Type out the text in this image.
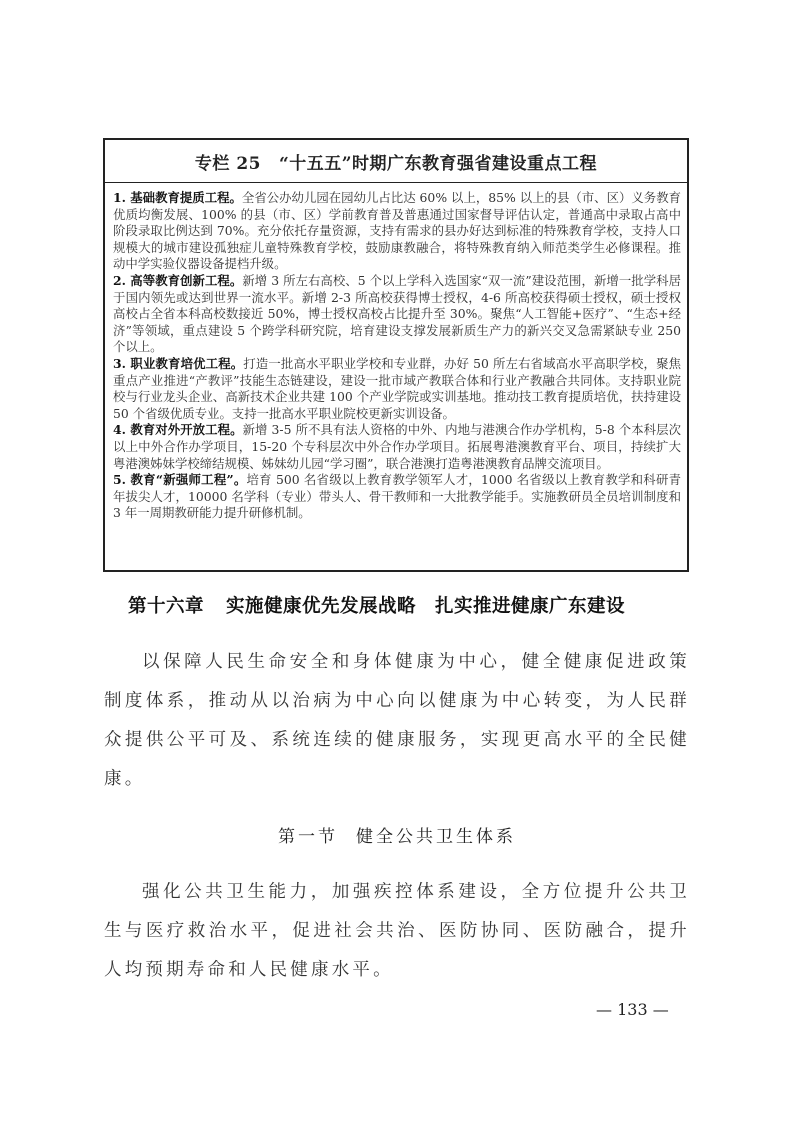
专栏 25 “十五五”时期广东教育强省建设重点工程

1. 基础教育提质工程。全省公办幼儿园在园幼儿占比达 60% 以上，85% 以上的县（市、区）义务教育优质均衡发展、100% 的县（市、区）学前教育普及普惠通过国家督导评估认定，普通高中录取占高中阶段录取比例达到 70%。充分依托存量资源，支持有需求的县办好达到标准的特殊教育学校，支持人口规模大的城市建设孤独症儿童特殊教育学校，鼓励康教融合，将特殊教育纳入师范类学生必修课程。推动中学实验仪器设备提档升级。

2. 高等教育创新工程。新增 3 所左右高校、5 个以上学科入选国家“双一流”建设范围，新增一批学科居于国内领先或达到世界一流水平。新增 2-3 所高校获得博士授权，4-6 所高校获得硕士授权，硕士授权高校占全省本科高校数接近 50%，博士授权高校占比提升至 30%。聚焦“人工智能+医疗”、“生态+经济”等领域，重点建设 5 个跨学科研究院，培育建设支撑发展新质生产力的新兴交叉急需紧缺专业 250 个以上。

3. 职业教育培优工程。打造一批高水平职业学校和专业群，办好 50 所左右省域高水平高职学校，聚焦重点产业推进“产教评”技能生态链建设，建设一批市域产教联合体和行业产教融合共同体。支持职业院校与行业龙头企业、高新技术企业共建 100 个产业学院或实训基地。推动技工教育提质培优，扶持建设 50 个省级优质专业。支持一批高水平职业院校更新实训设备。

4. 教育对外开放工程。新增 3-5 所不具有法人资格的中外、内地与港澳合作办学机构，5-8 个本科层次以上中外合作办学项目，15-20 个专科层次中外合作办学项目。拓展粤港澳教育平台、项目，持续扩大粤港澳姊妹学校缔结规模、姊妹幼儿园“学习圈”，联合港澳打造粤港澳教育品牌交流项目。

5. 教育“新强师工程”。培育 500 名省级以上教育教学领军人才，1000 名省级以上教育教学和科研青年拔尖人才，10000 名学科（专业）带头人、骨干教师和一大批教学能手。实施教研员全员培训制度和 3 年一周期教研能力提升研修机制。

第十六章 实施健康优先发展战略　扎实推进健康广东建设

以保障人民生命安全和身体健康为中心，健全健康促进政策制度体系，推动从以治病为中心向以健康为中心转变，为人民群众提供公平可及、系统连续的健康服务，实现更高水平的全民健康。

第一节 健全公共卫生体系

强化公共卫生能力，加强疾控体系建设，全方位提升公共卫生与医疗救治水平，促进社会共治、医防协同、医防融合，提升人均预期寿命和人民健康水平。

— 133 —
